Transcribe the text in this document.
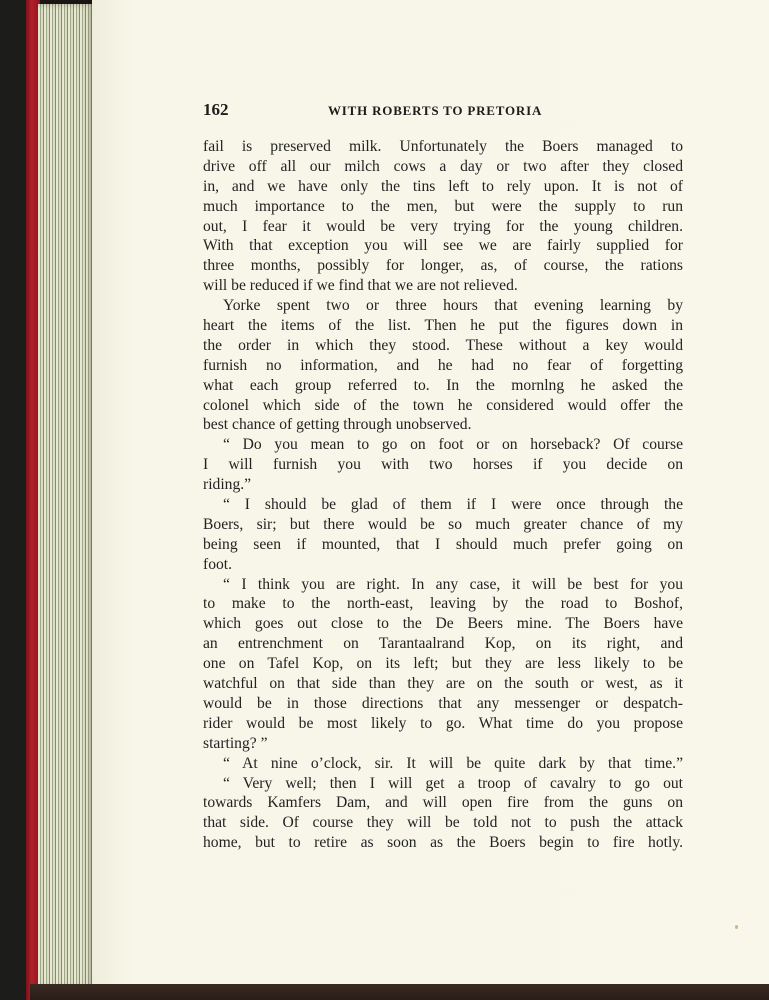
162	WITH ROBERTS TO PRETORIA
fail is preserved milk. Unfortunately the Boers managed to
drive off all our milch cows a day or two after they closed
in, and we have only the tins left to rely upon. It is not of
much importance to the men, but were the supply to run
out, I fear it would be very trying for the young children.
With that exception you will see we are fairly supplied for
three months, possibly for longer, as, of course, the rations
will be reduced if we find that we are not relieved.
Yorke spent two or three hours that evening learning by
heart the items of the list. Then he put the figures down in
the order in which they stood. These without a key would
furnish no information, and he had no fear of forgetting
what each group referred to. In the mornlng he asked the
colonel which side of the town he considered would offer the
best chance of getting through unobserved.
“ Do you mean to go on foot or on horseback? Of course
I will furnish you with two horses if you decide on
riding.”
“ I should be glad of them if I were once through the
Boers, sir; but there would be so much greater chance of my
being seen if mounted, that I should much prefer going on
foot.
“ I think you are right. In any case, it will be best for you
to make to the north-east, leaving by the road to Boshof,
which goes out close to the De Beers mine. The Boers have
an entrenchment on Tarantaalrand Kop, on its right, and
one on Tafel Kop, on its left; but they are less likely to be
watchful on that side than they are on the south or west, as it
would be in those directions that any messenger or despatch-
rider would be most likely to go. What time do you propose
starting? ”
“ At nine o’clock, sir. It will be quite dark by that time.”
“ Very well; then I will get a troop of cavalry to go out
towards Kamfers Dam, and will open fire from the guns on
that side. Of course they will be told not to push the attack
home, but to retire as soon as the Boers begin to fire hotly.
